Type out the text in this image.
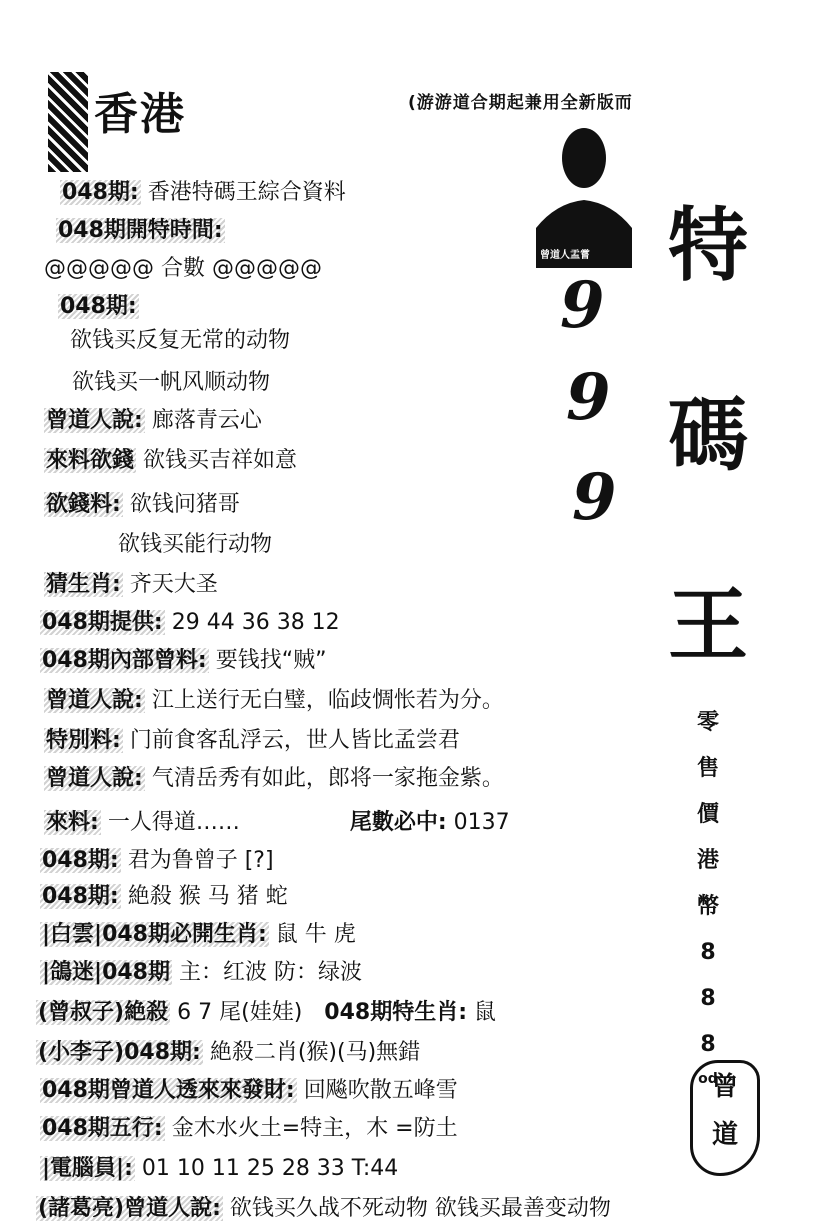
香港	(游游道合期起兼用全新版而
048期: 香港特碼王綜合資料
048期開特時間:
@@@@@ 合數 @@@@@
048期:
欲钱买反复无常的动物
欲钱买一帆风顺动物
曾道人說: 廊落青云心
來料欲錢 欲钱买吉祥如意
欲錢料: 欲钱问猪哥
欲钱买能行动物
猜生肖: 齐天大圣
048期提供: 29 44 36 38 12
048期內部曾料: 要钱找“贼”
曾道人說: 江上送行无白璧，临歧惆怅若为分。
特別料: 门前食客乱浮云，世人皆比孟尝君
曾道人說: 气清岳秀有如此，郎将一家拖金紫。
來料: 一人得道……	尾數必中: 0137
048期: 君为鲁曾子 [?]
048期: 絶殺 猴 马 猪 蛇
|白雲|048期必開生肖: 鼠 牛 虎
|鴿迷|048期 主：红波 防：绿波
(曾叔子)絶殺 6 7 尾(娃娃) 048期特生肖: 鼠
(小李子)048期: 絶殺二肖(猴)(马)無錯
048期曾道人透來來發財: 回飚吹散五峰雪
048期五行: 金木水火土=特主，木 =防土
|電腦員|: 01 10 11 25 28 33 T:44
(諸葛亮)曾道人說: 欲钱买久战不死动物 欲钱买最善变动物
曾道人盂嘗
9
9
9
特
碼
王
零
售
價
港
幣
8
8
8
od
曾
道
